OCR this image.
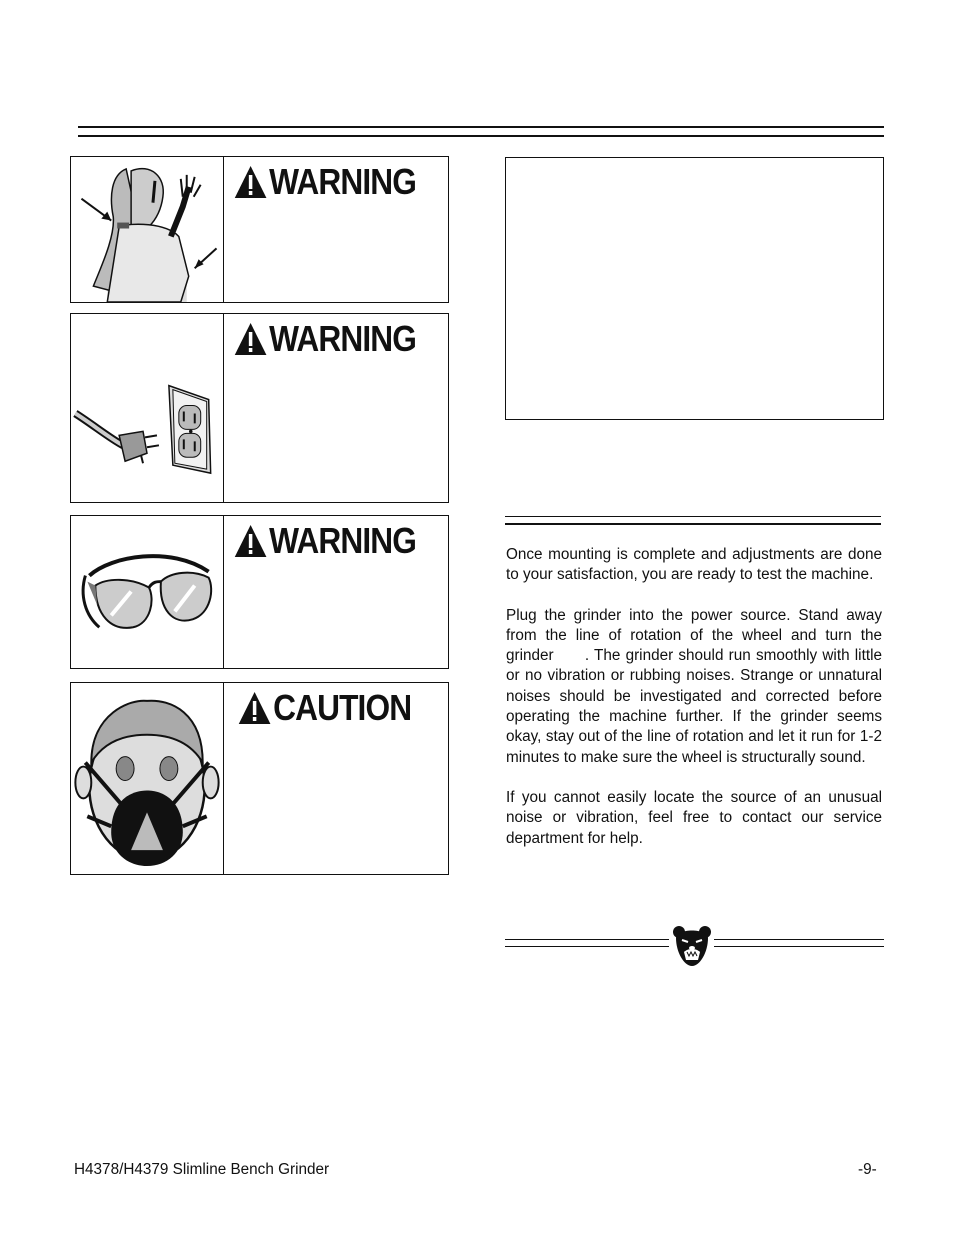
WARNING
WARNING
WARNING
CAUTION

Once mounting is complete and adjustments are done to your satisfaction, you are ready to test the machine.

Plug the grinder into the power source. Stand away from the line of rotation of the wheel and turn the grinder      . The grinder should run smoothly with little or no vibration or rubbing noises. Strange or unnatural noises should be investigated and corrected before operating the machine further. If the grinder seems okay, stay out of the line of rotation and let it run for 1-2 minutes to make sure the wheel is structurally sound.

If you cannot easily locate the source of an unusual noise or vibration, feel free to contact our service department for help.

H4378/H4379 Slimline Bench Grinder	-9-
